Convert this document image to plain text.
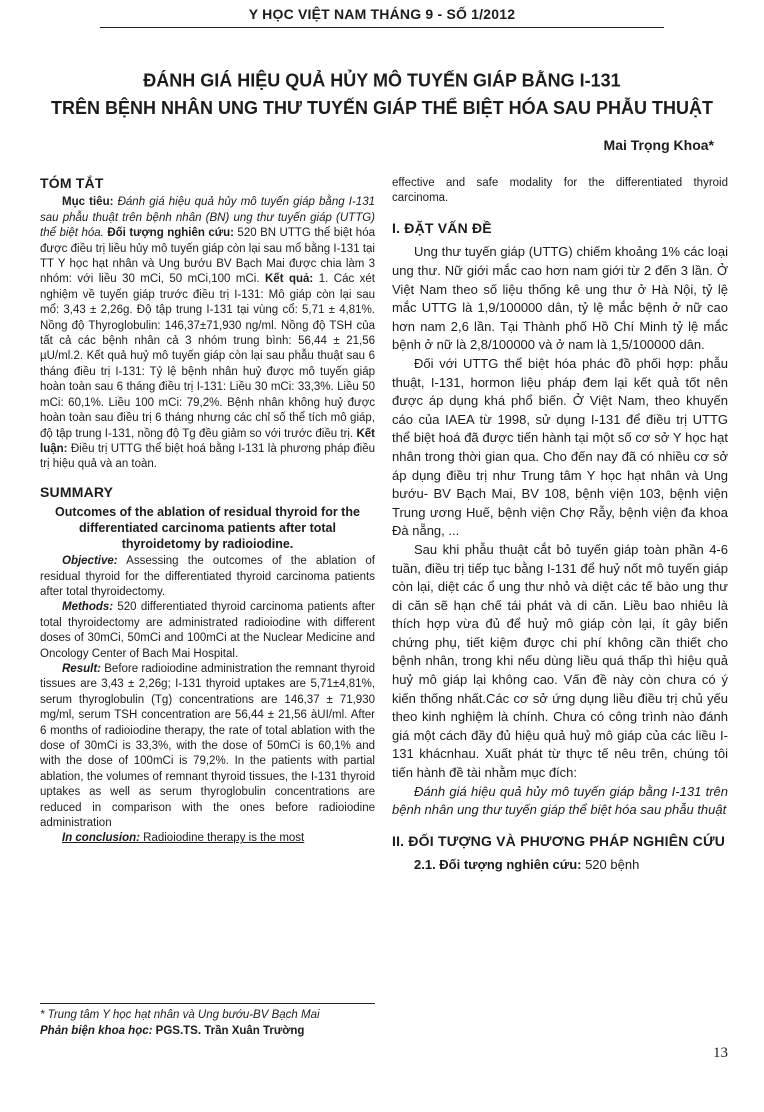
Y HỌC VIỆT NAM THÁNG 9 - SỐ 1/2012
ĐÁNH GIÁ HIỆU QUẢ HỦY MÔ TUYẾN GIÁP BẰNG I-131
TRÊN BỆNH NHÂN UNG THƯ TUYẾN GIÁP THỂ BIỆT HÓA SAU PHẪU THUẬT
Mai Trọng Khoa*
TÓM TẮT

Mục tiêu: Đánh giá hiệu quả hủy mô tuyến giáp bằng I-131 sau phẫu thuật trên bệnh nhân (BN) ung thư tuyến giáp (UTTG) thể biệt hóa. Đối tượng nghiên cứu: 520 BN UTTG thể biệt hóa được điều trị liều hủy mô tuyến giáp còn lại sau mổ bằng I-131 tại TT Y học hạt nhân và Ung bướu BV Bạch Mai được chia làm 3 nhóm: với liều 30 mCi, 50 mCi,100 mCi. Kết quả: 1. Các xét nghiệm về tuyến giáp trước điều trị I-131: Mô giáp còn lại sau mổ: 3,43 ± 2,26g. Độ tập trung I-131 tại vùng cổ: 5,71 ± 4,81%. Nồng độ Thyroglobulin: 146,37±71,930 ng/ml. Nồng độ TSH của tất cả các bệnh nhân cả 3 nhóm trung bình: 56,44 ± 21,56 µU/ml.2. Kết quả huỷ mô tuyến giáp còn lại sau phẫu thuật sau 6 tháng điều trị I-131: Tỷ lệ bệnh nhân huỷ được mô tuyến giáp hoàn toàn sau 6 tháng điều trị I-131: Liều 30 mCi: 33,3%. Liều 50 mCi: 60,1%. Liều 100 mCi: 79,2%. Bệnh nhân không huỷ được hoàn toàn sau điều trị 6 tháng nhưng các chỉ số thể tích mô giáp, độ tập trung I-131, nồng độ Tg đều giảm so với trước điều trị. Kết luận: Điều trị UTTG thể biệt hoá bằng I-131 là phương pháp điều trị hiệu quả và an toàn.

SUMMARY

Outcomes of the ablation of residual thyroid for the differentiated carcinoma patients after total thyroidetomy by radioiodine.

Objective: Assessing the outcomes of the ablation of residual thyroid for the differentiated thyroid carcinoma patients after total thyroidectomy.

Methods: 520 differentiated thyroid carcinoma patients after total thyroidectomy are administrated radioiodine with different doses of 30mCi, 50mCi and 100mCi at the Nuclear Medicine and Oncology Center of Bach Mai Hospital.

Result: Before radioiodine administration the remnant thyroid tissues are 3,43 ± 2,26g; I-131 thyroid uptakes are 5,71±4,81%, serum thyroglobulin (Tg) concentrations are 146,37 ± 71,930 mg/ml, serum TSH concentration are 56,44 ± 21,56 àUI/ml. After 6 months of radioiodine therapy, the rate of total ablation with the dose of 30mCi is 33,3%, with the dose of 50mCi is 60,1% and with the dose of 100mCi is 79,2%. In the patients with partial ablation, the volumes of remnant thyroid tissues, the I-131 thyroid uptakes as well as serum thyroglobulin concentrations are reduced in comparison with the ones before radioiodine administration

In conclusion: Radioiodine therapy is the most

* Trung tâm Y học hạt nhân và Ung bướu-BV Bạch Mai
Phản biện khoa học: PGS.TS. Trần Xuân Trường

effective and safe modality for the differentiated thyroid carcinoma.

I. ĐẶT VẤN ĐỀ

Ung thư tuyến giáp (UTTG) chiếm khoảng 1% các loại ung thư. Nữ giới mắc cao hơn nam giới từ 2 đến 3 lần. Ở Việt Nam theo số liệu thống kê ung thư ở Hà Nội, tỷ lệ mắc UTTG là 1,9/100000 dân, tỷ lệ mắc bệnh ở nữ cao hơn nam 2,6 lần. Tại Thành phố Hồ Chí Minh tỷ lệ mắc bệnh ở nữ là 2,8/100000 và ở nam là 1,5/100000 dân.

Đối với UTTG thể biệt hóa phác đồ phối hợp: phẫu thuật, I-131, hormon liệu pháp đem lại kết quả tốt nên được áp dụng khá phổ biến. Ở Việt Nam, theo khuyến cáo của IAEA từ 1998, sử dụng I-131 để điều trị UTTG thể biệt hoá đã được tiến hành tại một số cơ sở Y học hạt nhân trong thời gian qua. Cho đến nay đã có nhiều cơ sở áp dụng điều trị như Trung tâm Y học hạt nhân và Ung bướu- BV Bạch Mai, BV 108, bệnh viện 103, bệnh viện Trung ương Huế, bệnh viện Chợ Rẫy, bệnh viện đa khoa Đà nẵng, ...

Sau khi phẫu thuật cắt bỏ tuyến giáp toàn phần 4-6 tuần, điều trị tiếp tục bằng I-131 để huỷ nốt mô tuyến giáp còn lại, diệt các ổ ung thư nhỏ và diệt các tế bào ung thư di căn sẽ hạn chế tái phát và di căn. Liều bao nhiêu là thích hợp vừa đủ để huỷ mô giáp còn lại, ít gây biến chứng phụ, tiết kiệm được chi phí không cần thiết cho bệnh nhân, trong khi nếu dùng liều quá thấp thì hiệu quả huỷ mô giáp lại không cao. Vấn đề này còn chưa có ý kiến thống nhất.Các cơ sở ứng dụng liều điều trị chủ yếu theo kinh nghiệm là chính. Chưa có công trình nào đánh giá một cách đầy đủ hiệu quả huỷ mô giáp của các liều I-131 khácnhau. Xuất phát từ thực tế nêu trên, chúng tôi tiến hành đề tài nhằm mục đích:

Đánh giá hiệu quả hủy mô tuyến giáp bằng I-131 trên bệnh nhân ung thư tuyến giáp thể biệt hóa sau phẫu thuật

II. ĐỐI TƯỢNG VÀ PHƯƠNG PHÁP NGHIÊN CỨU

2.1. Đối tượng nghiên cứu: 520 bệnh

13
